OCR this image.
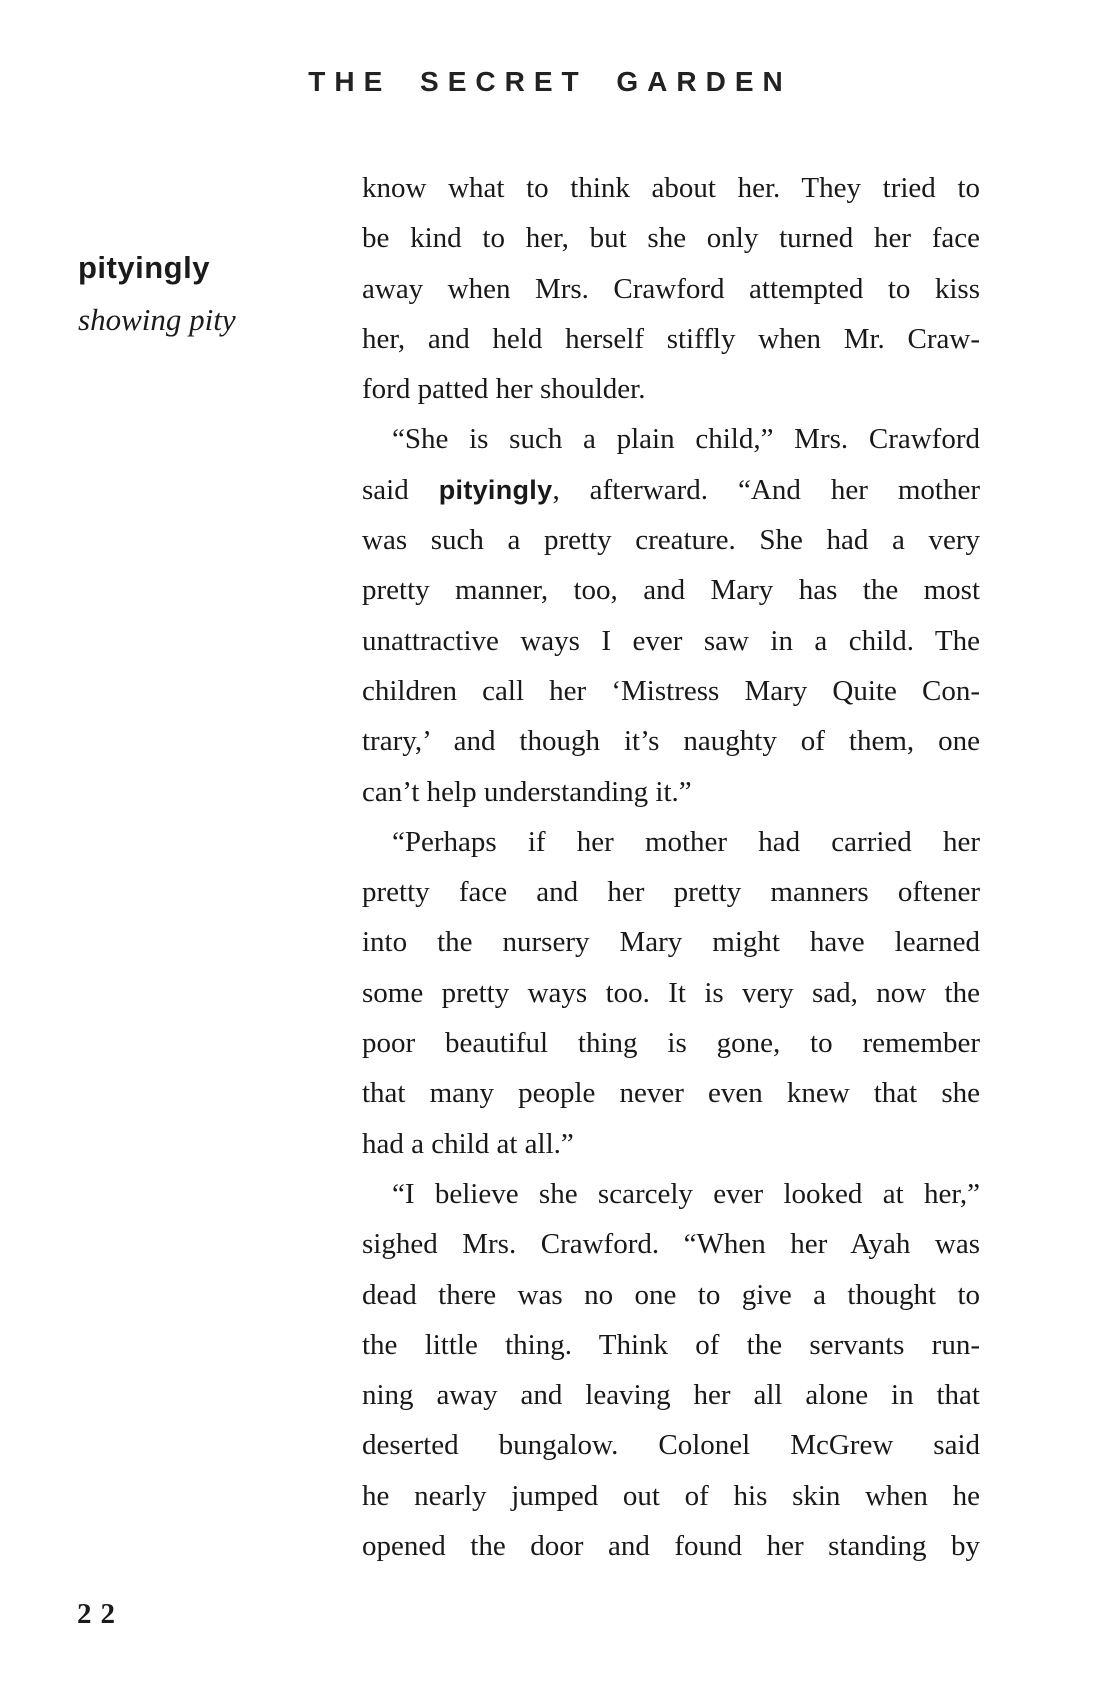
THE SECRET GARDEN
pityingly
showing pity
know what to think about her. They tried to
be kind to her, but she only turned her face
away when Mrs. Crawford attempted to kiss
her, and held herself stiffly when Mr. Craw-
ford patted her shoulder.
“She is such a plain child,” Mrs. Crawford
said pityingly, afterward. “And her mother
was such a pretty creature. She had a very
pretty manner, too, and Mary has the most
unattractive ways I ever saw in a child. The
children call her ‘Mistress Mary Quite Con-
trary,’ and though it’s naughty of them, one
can’t help understanding it.”
“Perhaps if her mother had carried her
pretty face and her pretty manners oftener
into the nursery Mary might have learned
some pretty ways too. It is very sad, now the
poor beautiful thing is gone, to remember
that many people never even knew that she
had a child at all.”
“I believe she scarcely ever looked at her,”
sighed Mrs. Crawford. “When her Ayah was
dead there was no one to give a thought to
the little thing. Think of the servants run-
ning away and leaving her all alone in that
deserted bungalow. Colonel McGrew said
he nearly jumped out of his skin when he
opened the door and found her standing by
22
